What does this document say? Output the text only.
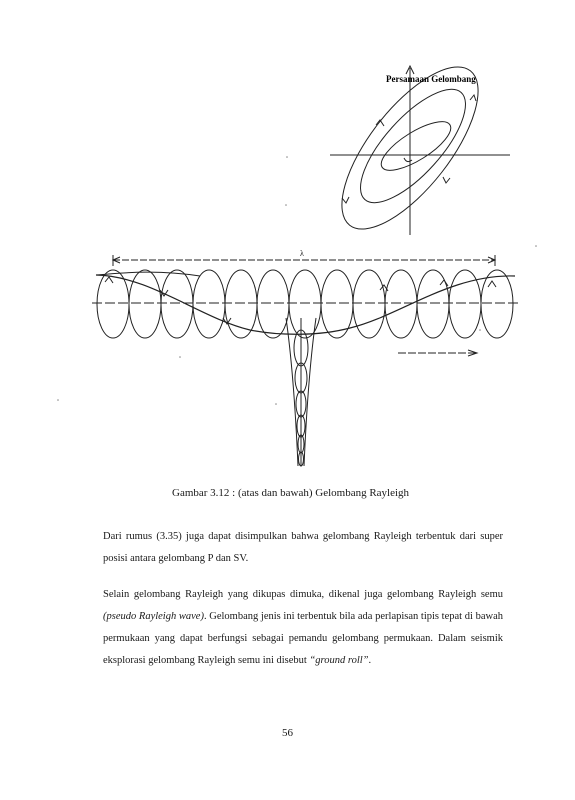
Persamaan Gelombang
λ
Gambar 3.12 : (atas dan bawah) Gelombang Rayleigh

Dari rumus (3.35) juga dapat disimpulkan bahwa gelombang Rayleigh terbentuk dari super posisi antara gelombang P dan SV.

Selain gelombang Rayleigh yang dikupas dimuka, dikenal juga gelombang Rayleigh semu (pseudo Rayleigh wave). Gelombang jenis ini terbentuk bila ada perlapisan tipis tepat di bawah permukaan yang dapat berfungsi sebagai pemandu gelombang permukaan. Dalam seismik eksplorasi gelombang Rayleigh semu ini disebut “ground roll”.

56
